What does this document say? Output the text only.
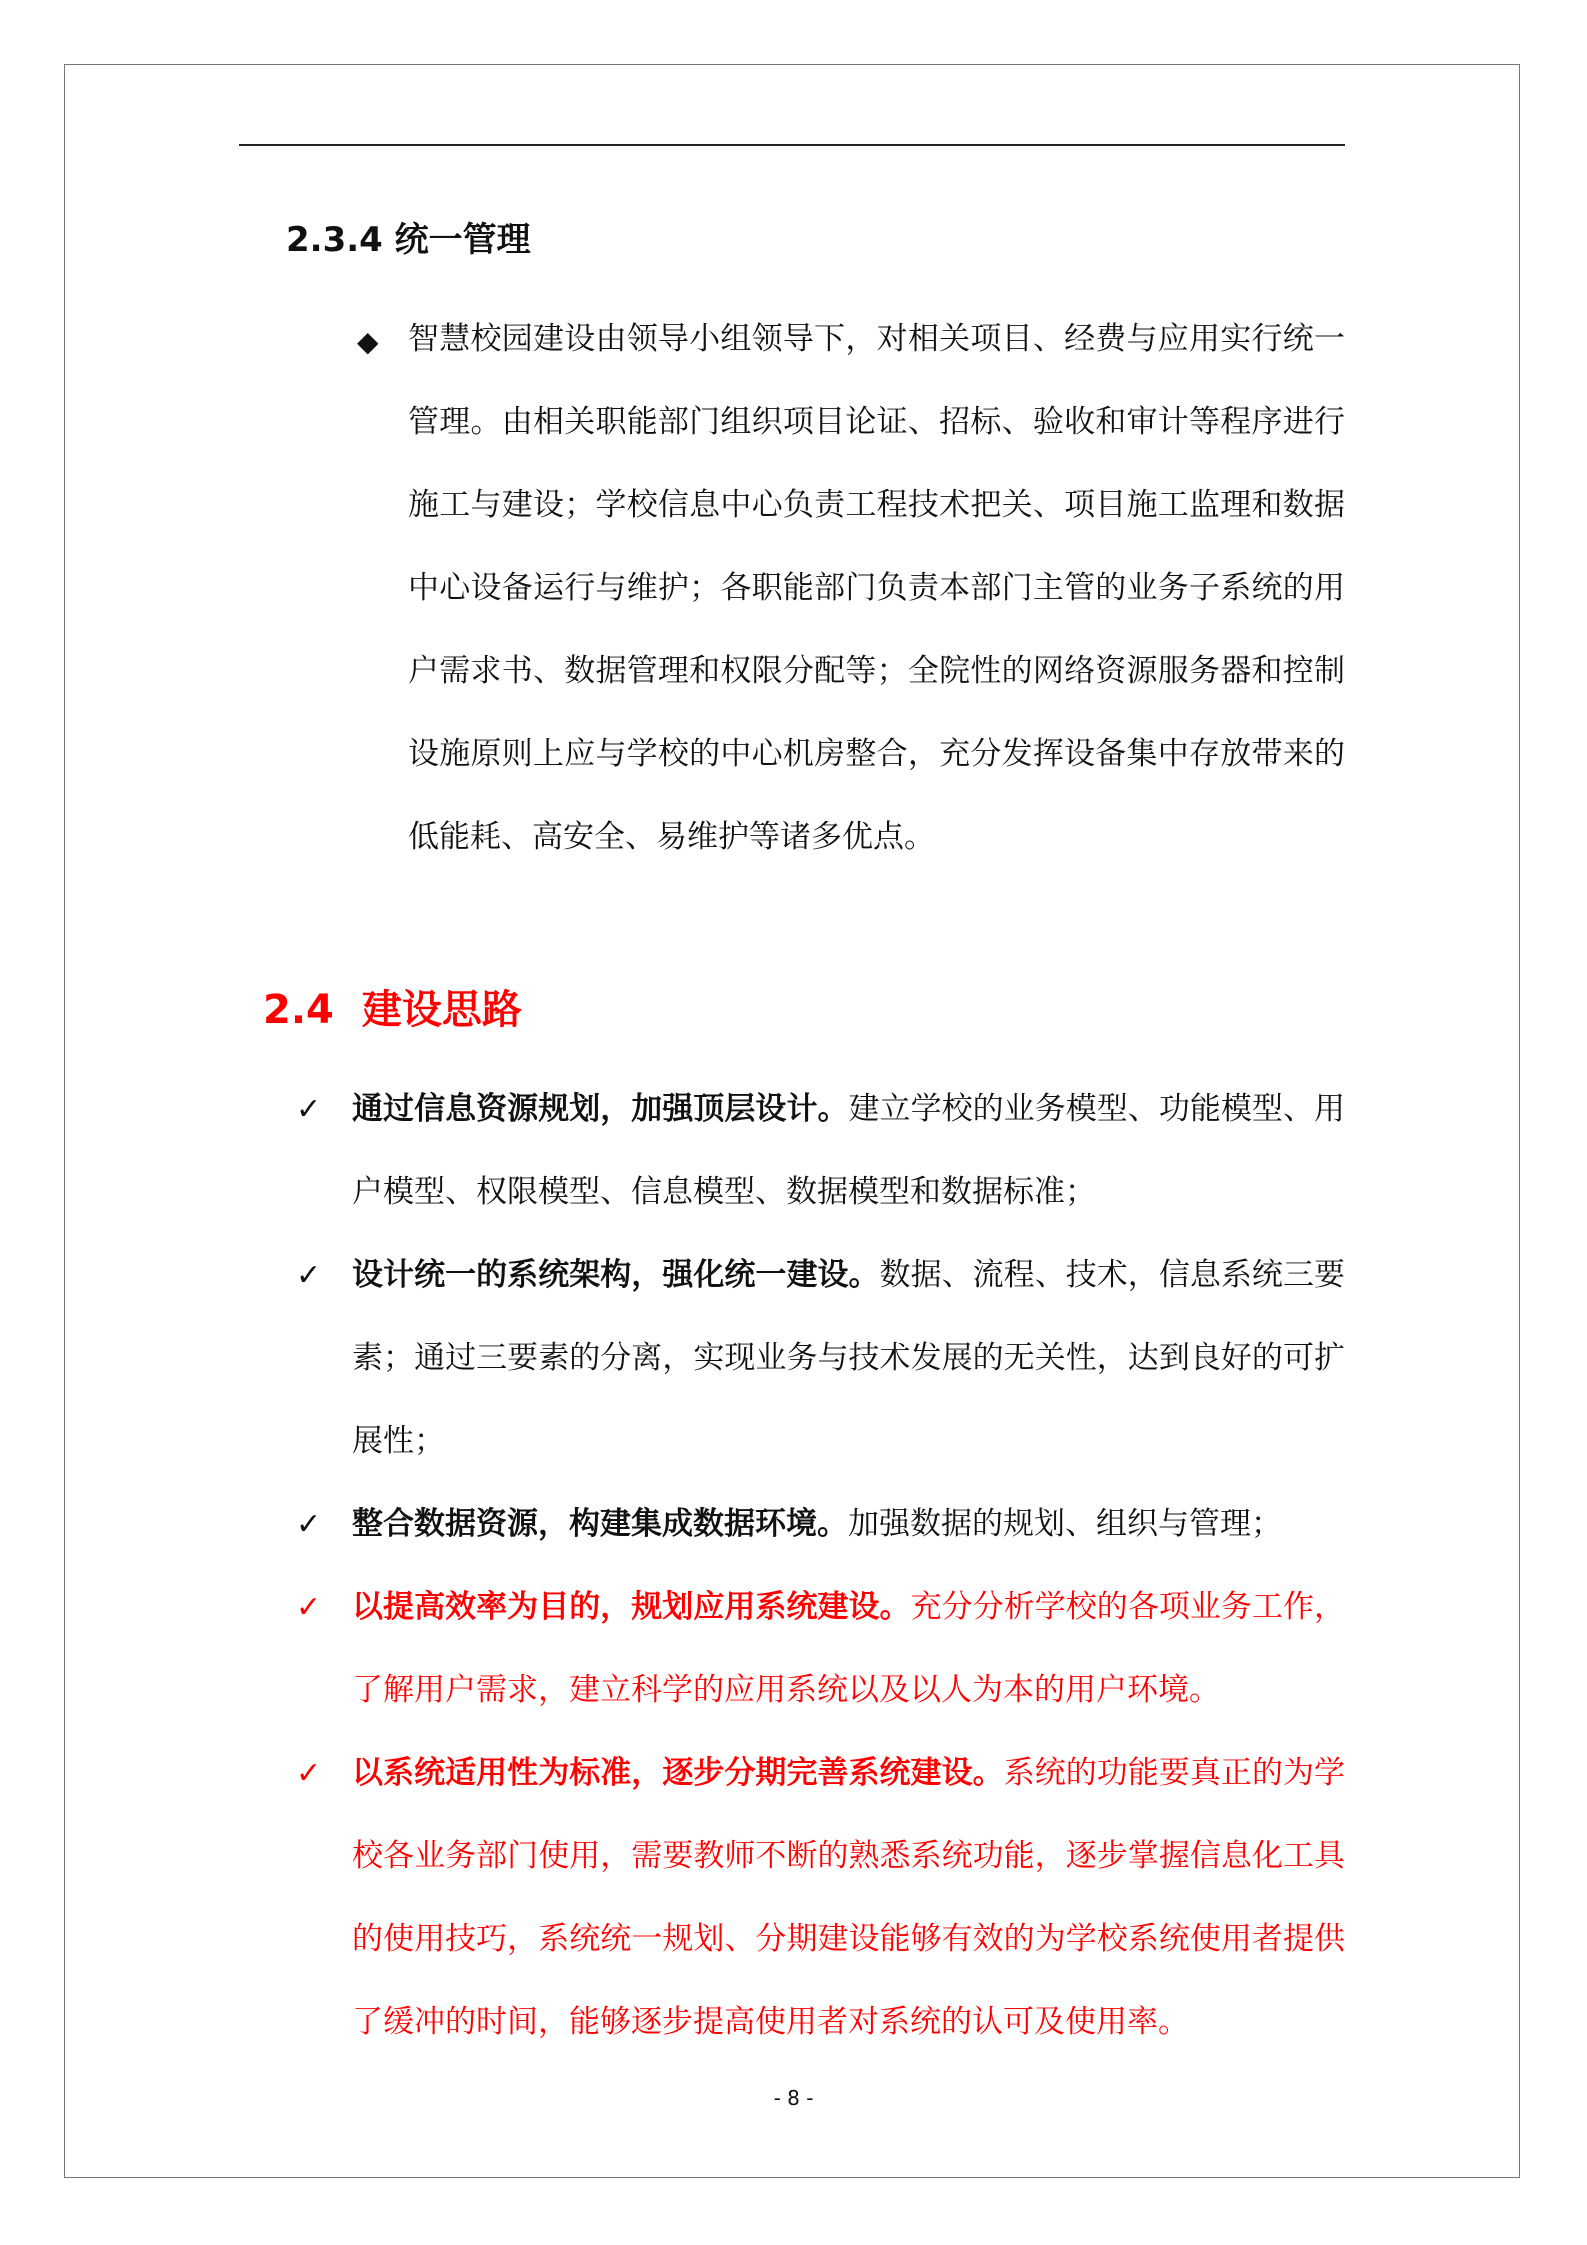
2.3.4 统一管理
◆ 智慧校园建设由领导小组领导下，对相关项目、经费与应用实行统一管理。由相关职能部门组织项目论证、招标、验收和审计等程序进行施工与建设；学校信息中心负责工程技术把关、项目施工监理和数据中心设备运行与维护；各职能部门负责本部门主管的业务子系统的用户需求书、数据管理和权限分配等；全院性的网络资源服务器和控制设施原则上应与学校的中心机房整合，充分发挥设备集中存放带来的低能耗、高安全、易维护等诸多优点。
2.4 建设思路
✓ 通过信息资源规划，加强顶层设计。建立学校的业务模型、功能模型、用户模型、权限模型、信息模型、数据模型和数据标准；
✓ 设计统一的系统架构，强化统一建设。数据、流程、技术，信息系统三要素；通过三要素的分离，实现业务与技术发展的无关性，达到良好的可扩展性；
✓ 整合数据资源，构建集成数据环境。加强数据的规划、组织与管理；
✓ 以提高效率为目的，规划应用系统建设。充分分析学校的各项业务工作，了解用户需求，建立科学的应用系统以及以人为本的用户环境。
✓ 以系统适用性为标准，逐步分期完善系统建设。系统的功能要真正的为学校各业务部门使用，需要教师不断的熟悉系统功能，逐步掌握信息化工具的使用技巧，系统统一规划、分期建设能够有效的为学校系统使用者提供了缓冲的时间，能够逐步提高使用者对系统的认可及使用率。
- 8 -
